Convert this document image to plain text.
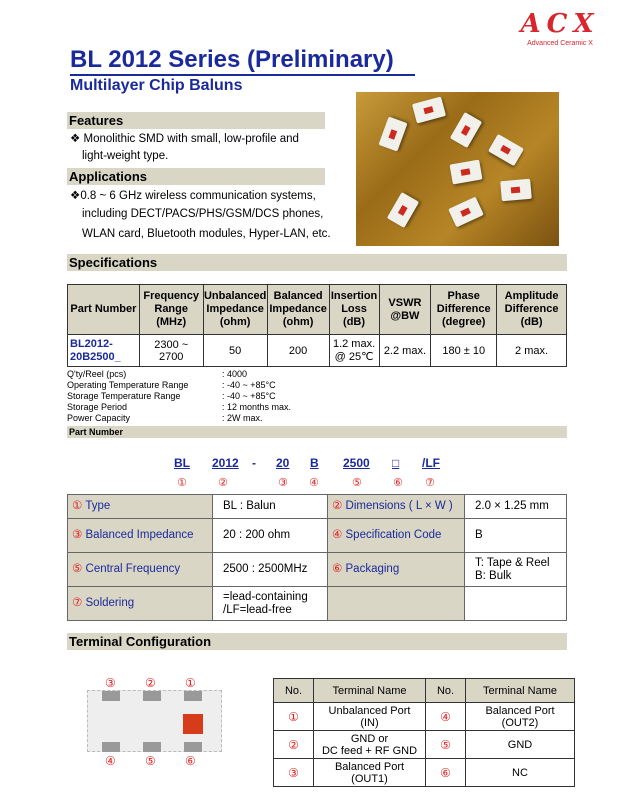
ACX
Advanced Ceramic X
BL 2012 Series (Preliminary)
Multilayer Chip Baluns
Features
❖ Monolithic SMD with small, low-profile and
light-weight type.
Applications
❖0.8 ~ 6 GHz wireless communication systems,
including DECT/PACS/PHS/GSM/DCS phones,
WLAN card, Bluetooth modules, Hyper-LAN, etc.
Specifications
Part Number	Frequency
Range
(MHz)	Unbalanced
Impedance
(ohm)	Balanced
Impedance
(ohm)	Insertion
Loss
(dB)	VSWR
@BW	Phase
Difference
(degree)	Amplitude
Difference
(dB)
BL2012-
20B2500_	2300 ~
2700	50	200	1.2 max.
@ 25℃	2.2 max.	180 ± 10	2 max.
Q'ty/Reel (pcs)	: 4000
Operating Temperature Range	: -40 ~ +85°C
Storage Temperature Range	: -40 ~ +85°C
Storage Period	: 12 months max.
Power Capacity	: 2W max.
Part Number
BL 2012 - 20 B 2500 □ /LF
①	②	③ ④	⑤	⑥ ⑦
① Type	BL : Balun	② Dimensions ( L × W )	2.0 × 1.25 mm
③ Balanced Impedance	20 : 200 ohm	④ Specification Code	B
⑤ Central Frequency	2500 : 2500MHz	⑥ Packaging	T: Tape & Reel
B: Bulk
⑦ Soldering	=lead-containing
/LF=lead-free		
Terminal Configuration
③ ② ①
④ ⑤ ⑥
No.	Terminal Name	No.	Terminal Name
①	Unbalanced Port
(IN)	④	Balanced Port
(OUT2)
②	GND or
DC feed + RF GND	⑤	GND
③	Balanced Port
(OUT1)	⑥	NC
